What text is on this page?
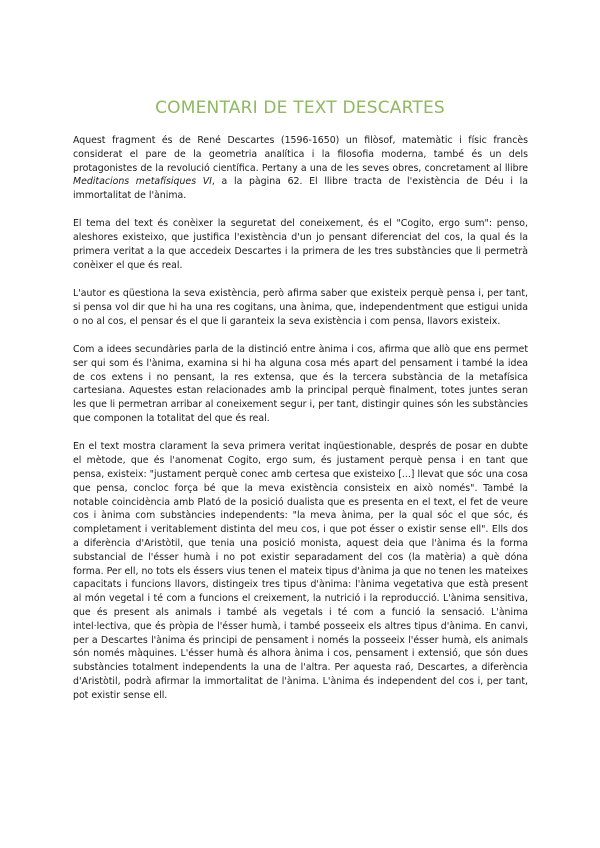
COMENTARI DE TEXT DESCARTES

Aquest fragment és de René Descartes (1596-1650) un filòsof, matemàtic i físic francès considerat el pare de la geometria analítica i la filosofia moderna, també és un dels protagonistes de la revolució científica. Pertany a una de les seves obres, concretament al llibre Meditacions metafísiques VI, a la pàgina 62. El llibre tracta de l'existència de Déu i la immortalitat de l'ànima.

El tema del text és conèixer la seguretat del coneixement, és el "Cogito, ergo sum": penso, aleshores existeixo, que justifica l'existència d'un jo pensant diferenciat del cos, la qual és la primera veritat a la que accedeix Descartes i la primera de les tres substàncies que li permetrà conèixer el que és real.

L'autor es qüestiona la seva existència, però afirma saber que existeix perquè pensa i, per tant, si pensa vol dir que hi ha una res cogitans, una ànima, que, independentment que estigui unida o no al cos, el pensar és el que li garanteix la seva existència i com pensa, llavors existeix.

Com a idees secundàries parla de la distinció entre ànima i cos, afirma que allò que ens permet ser qui som és l'ànima, examina si hi ha alguna cosa més apart del pensament i també la idea de cos extens i no pensant, la res extensa, que és la tercera substància de la metafísica cartesiana. Aquestes estan relacionades amb la principal perquè finalment, totes juntes seran les que li permetran arribar al coneixement segur i, per tant, distingir quines són les substàncies que componen la totalitat del que és real.

En el text mostra clarament la seva primera veritat inqüestionable, després de posar en dubte el mètode, que és l'anomenat Cogito, ergo sum, és justament perquè pensa i en tant que pensa, existeix: "justament perquè conec amb certesa que existeixo [...] llevat que sóc una cosa que pensa, concloc força bé que la meva existència consisteix en això només". També la notable coincidència amb Plató de la posició dualista que es presenta en el text, el fet de veure cos i ànima com substàncies independents: "la meva ànima, per la qual sóc el que sóc, és completament i veritablement distinta del meu cos, i que pot ésser o existir sense ell". Ells dos a diferència d'Aristòtil, que tenia una posició monista, aquest deia que l'ànima és la forma substancial de l'ésser humà i no pot existir separadament del cos (la matèria) a què dóna forma. Per ell, no tots els éssers vius tenen el mateix tipus d'ànima ja que no tenen les mateixes capacitats i funcions llavors, distingeix tres tipus d'ànima: l'ànima vegetativa que està present al món vegetal i té com a funcions el creixement, la nutrició i la reproducció. L'ànima sensitiva, que és present als animals i també als vegetals i té com a funció la sensació. L'ànima intel·lectiva, que és pròpia de l'ésser humà, i també posseeix els altres tipus d'ànima. En canvi, per a Descartes l'ànima és principi de pensament i només la posseeix l'ésser humà, els animals són només màquines. L'ésser humà és alhora ànima i cos, pensament i extensió, que són dues substàncies totalment independents la una de l'altra. Per aquesta raó, Descartes, a diferència d'Aristòtil, podrà afirmar la immortalitat de l'ànima. L'ànima és independent del cos i, per tant, pot existir sense ell.
